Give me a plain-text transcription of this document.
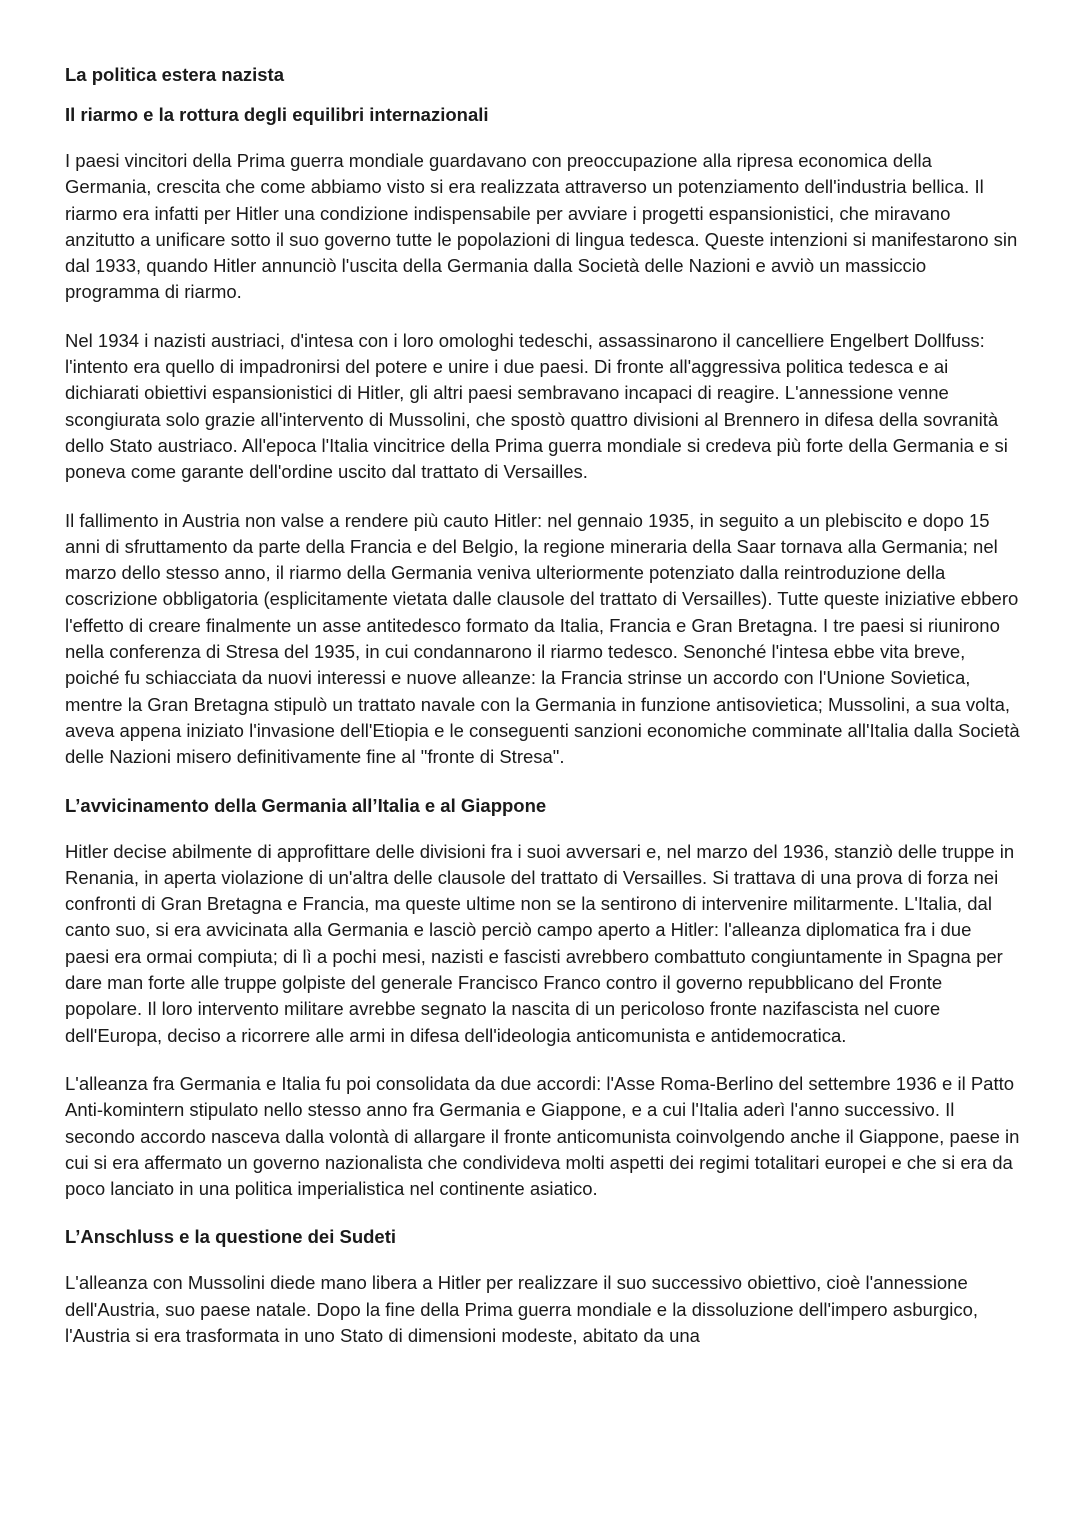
La politica estera nazista
Il riarmo e la rottura degli equilibri internazionali

I paesi vincitori della Prima guerra mondiale guardavano con preoccupazione alla ripresa economica della Germania, crescita che come abbiamo visto si era realizzata attraverso un potenziamento dell'industria bellica. Il riarmo era infatti per Hitler una condizione indispensabile per avviare i progetti espansionistici, che miravano anzitutto a unificare sotto il suo governo tutte le popolazioni di lingua tedesca. Queste intenzioni si manifestarono sin dal 1933, quando Hitler annunciò l'uscita della Germania dalla Società delle Nazioni e avviò un massiccio programma di riarmo.

Nel 1934 i nazisti austriaci, d'intesa con i loro omologhi tedeschi, assassinarono il cancelliere Engelbert Dollfuss: l'intento era quello di impadronirsi del potere e unire i due paesi. Di fronte all'aggressiva politica tedesca e ai dichiarati obiettivi espansionistici di Hitler, gli altri paesi sembravano incapaci di reagire. L'annessione venne scongiurata solo grazie all'intervento di Mussolini, che spostò quattro divisioni al Brennero in difesa della sovranità dello Stato austriaco. All'epoca l'Italia vincitrice della Prima guerra mondiale si credeva più forte della Germania e si poneva come garante dell'ordine uscito dal trattato di Versailles.

Il fallimento in Austria non valse a rendere più cauto Hitler: nel gennaio 1935, in seguito a un plebiscito e dopo 15 anni di sfruttamento da parte della Francia e del Belgio, la regione mineraria della Saar tornava alla Germania; nel marzo dello stesso anno, il riarmo della Germania veniva ulteriormente potenziato dalla reintroduzione della coscrizione obbligatoria (esplicitamente vietata dalle clausole del trattato di Versailles). Tutte queste iniziative ebbero l'effetto di creare finalmente un asse antitedesco formato da Italia, Francia e Gran Bretagna. I tre paesi si riunirono nella conferenza di Stresa del 1935, in cui condannarono il riarmo tedesco. Senonché l'intesa ebbe vita breve, poiché fu schiacciata da nuovi interessi e nuove alleanze: la Francia strinse un accordo con l'Unione Sovietica, mentre la Gran Bretagna stipulò un trattato navale con la Germania in funzione antisovietica; Mussolini, a sua volta, aveva appena iniziato l'invasione dell'Etiopia e le conseguenti sanzioni economiche comminate all'Italia dalla Società delle Nazioni misero definitivamente fine al "fronte di Stresa".

L’avvicinamento della Germania all’Italia e al Giappone

Hitler decise abilmente di approfittare delle divisioni fra i suoi avversari e, nel marzo del 1936, stanziò delle truppe in Renania, in aperta violazione di un'altra delle clausole del trattato di Versailles. Si trattava di una prova di forza nei confronti di Gran Bretagna e Francia, ma queste ultime non se la sentirono di intervenire militarmente. L'Italia, dal canto suo, si era avvicinata alla Germania e lasciò perciò campo aperto a Hitler: l'alleanza diplomatica fra i due paesi era ormai compiuta; di lì a pochi mesi, nazisti e fascisti avrebbero combattuto congiuntamente in Spagna per dare man forte alle truppe golpiste del generale Francisco Franco contro il governo repubblicano del Fronte popolare. Il loro intervento militare avrebbe segnato la nascita di un pericoloso fronte nazifascista nel cuore dell'Europa, deciso a ricorrere alle armi in difesa dell'ideologia anticomunista e antidemocratica.

L'alleanza fra Germania e Italia fu poi consolidata da due accordi: l'Asse Roma-Berlino del settembre 1936 e il Patto Anti-komintern stipulato nello stesso anno fra Germania e Giappone, e a cui l'Italia aderì l'anno successivo. Il secondo accordo nasceva dalla volontà di allargare il fronte anticomunista coinvolgendo anche il Giappone, paese in cui si era affermato un governo nazionalista che condivideva molti aspetti dei regimi totalitari europei e che si era da poco lanciato in una politica imperialistica nel continente asiatico.

L’Anschluss e la questione dei Sudeti

L'alleanza con Mussolini diede mano libera a Hitler per realizzare il suo successivo obiettivo, cioè l'annessione dell'Austria, suo paese natale. Dopo la fine della Prima guerra mondiale e la dissoluzione dell'impero asburgico, l'Austria si era trasformata in uno Stato di dimensioni modeste, abitato da una
